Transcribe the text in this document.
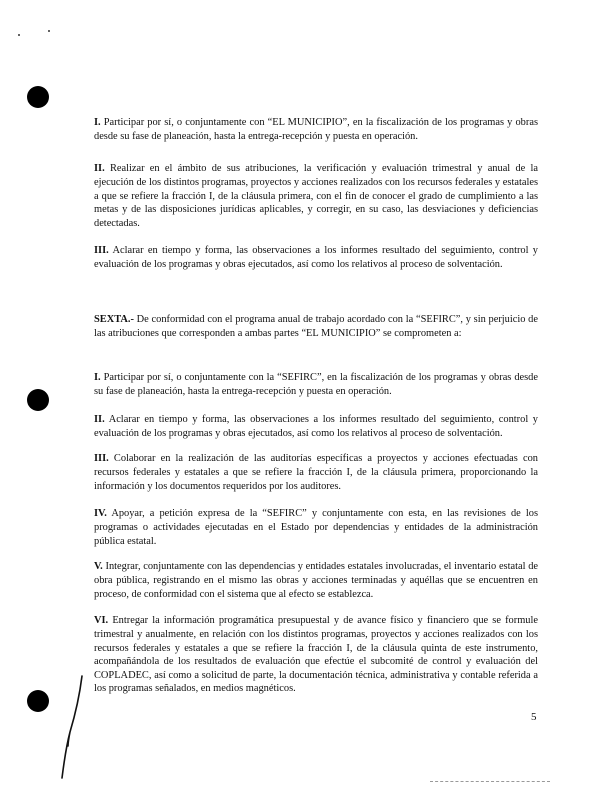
I. Participar por sí, o conjuntamente con “EL MUNICIPIO”, en la fiscalización de los programas y obras desde su fase de planeación, hasta la entrega-recepción y puesta en operación.

II. Realizar en el ámbito de sus atribuciones, la verificación y evaluación trimestral y anual de la ejecución de los distintos programas, proyectos y acciones realizados con los recursos federales y estatales a que se refiere la fracción I, de la cláusula primera, con el fin de conocer el grado de cumplimiento a las metas y de las disposiciones jurídicas aplicables, y corregir, en su caso, las desviaciones y deficiencias detectadas.

III. Aclarar en tiempo y forma, las observaciones a los informes resultado del seguimiento, control y evaluación de los programas y obras ejecutados, así como los relativos al proceso de solventación.

SEXTA.- De conformidad con el programa anual de trabajo acordado con la “SEFIRC”, y sin perjuicio de las atribuciones que corresponden a ambas partes “EL MUNICIPIO” se comprometen a:

I. Participar por sí, o conjuntamente con la “SEFIRC”, en la fiscalización de los programas y obras desde su fase de planeación, hasta la entrega-recepción y puesta en operación.

II. Aclarar en tiempo y forma, las observaciones a los informes resultado del seguimiento, control y evaluación de los programas y obras ejecutados, así como los relativos al proceso de solventación.

III. Colaborar en la realización de las auditorías específicas a proyectos y acciones efectuadas con recursos federales y estatales a que se refiere la fracción I, de la cláusula primera, proporcionando la información y los documentos requeridos por los auditores.

IV. Apoyar, a petición expresa de la “SEFIRC” y conjuntamente con esta, en las revisiones de los programas o actividades ejecutadas en el Estado por dependencias y entidades de la administración pública estatal.

V. Integrar, conjuntamente con las dependencias y entidades estatales involucradas, el inventario estatal de obra pública, registrando en el mismo las obras y acciones terminadas y aquéllas que se encuentren en proceso, de conformidad con el sistema que al efecto se establezca.

VI. Entregar la información programática presupuestal y de avance físico y financiero que se formule trimestral y anualmente, en relación con los distintos programas, proyectos y acciones realizados con los recursos federales y estatales a que se refiere la fracción I, de la cláusula quinta de este instrumento, acompañándola de los resultados de evaluación que efectúe el subcomité de control y evaluación del COPLADEC, así como a solicitud de parte, la documentación técnica, administrativa y contable referida a los programas señalados, en medios magnéticos.

5
